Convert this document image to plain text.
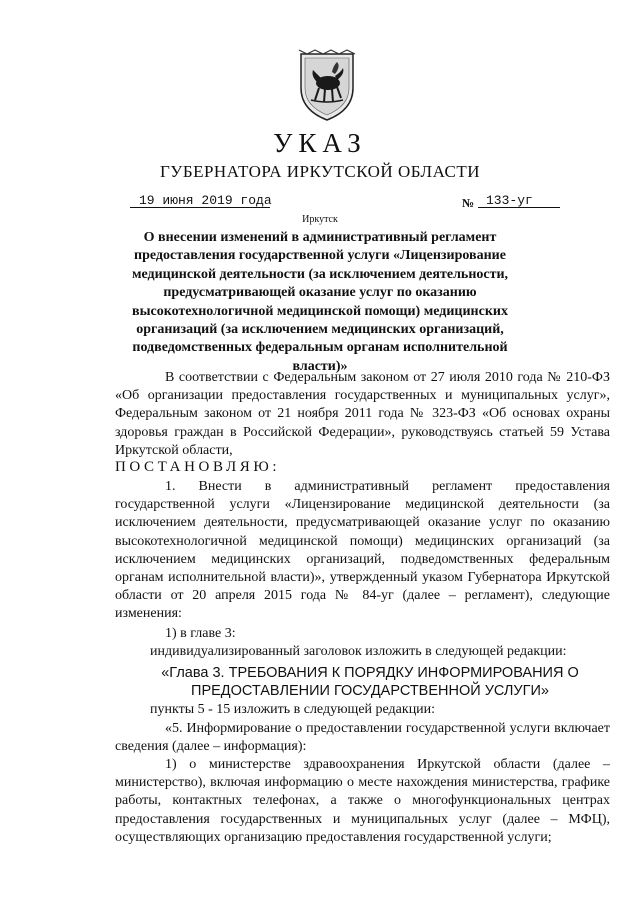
УКАЗ
ГУБЕРНАТОРА ИРКУТСКОЙ ОБЛАСТИ
19 июня 2019 года	№ 133-уг
Иркутск
О внесении изменений в административный регламент предоставления государственной услуги «Лицензирование медицинской деятельности (за исключением деятельности, предусматривающей оказание услуг по оказанию высокотехнологичной медицинской помощи) медицинских организаций (за исключением медицинских организаций, подведомственных федеральным органам исполнительной власти)»

В соответствии с Федеральным законом от 27 июля 2010 года № 210-ФЗ «Об организации предоставления государственных и муниципальных услуг», Федеральным законом от 21 ноября 2011 года № 323-ФЗ «Об основах охраны здоровья граждан в Российской Федерации», руководствуясь статьей 59 Устава Иркутской области,

ПОСТАНОВЛЯЮ:

1. Внести в административный регламент предоставления государственной услуги «Лицензирование медицинской деятельности (за исключением деятельности, предусматривающей оказание услуг по оказанию высокотехнологичной медицинской помощи) медицинских организаций (за исключением медицинских организаций, подведомственных федеральным органам исполнительной власти)», утвержденный указом Губернатора Иркутской области от 20 апреля 2015 года № 84-уг (далее – регламент), следующие изменения:

1) в главе 3:
индивидуализированный заголовок изложить в следующей редакции:
«Глава 3. ТРЕБОВАНИЯ К ПОРЯДКУ ИНФОРМИРОВАНИЯ О ПРЕДОСТАВЛЕНИИ ГОСУДАРСТВЕННОЙ УСЛУГИ»
пункты 5 - 15 изложить в следующей редакции:

«5. Информирование о предоставлении государственной услуги включает сведения (далее – информация):

1) о министерстве здравоохранения Иркутской области (далее – министерство), включая информацию о месте нахождения министерства, графике работы, контактных телефонах, а также о многофункциональных центрах предоставления государственных и муниципальных услуг (далее – МФЦ), осуществляющих организацию предоставления государственной услуги;
